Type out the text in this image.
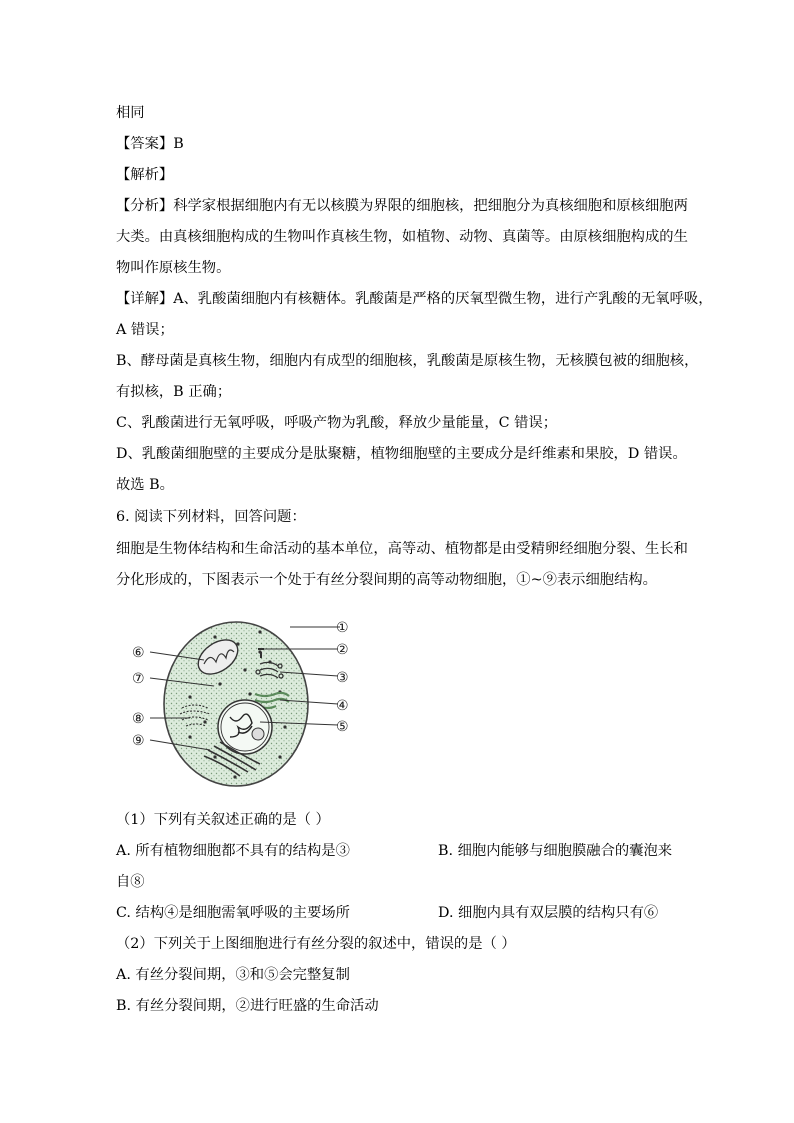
相同
【答案】B
【解析】
【分析】科学家根据细胞内有无以核膜为界限的细胞核，把细胞分为真核细胞和原核细胞两
大类。由真核细胞构成的生物叫作真核生物，如植物、动物、真菌等。由原核细胞构成的生
物叫作原核生物。
【详解】A、乳酸菌细胞内有核糖体。乳酸菌是严格的厌氧型微生物，进行产乳酸的无氧呼吸，
A 错误；
B、酵母菌是真核生物，细胞内有成型的细胞核，乳酸菌是原核生物，无核膜包被的细胞核，
有拟核，B 正确；
C、乳酸菌进行无氧呼吸，呼吸产物为乳酸，释放少量能量，C 错误；
D、乳酸菌细胞壁的主要成分是肽聚糖，植物细胞壁的主要成分是纤维素和果胶，D 错误。
故选 B。
6. 阅读下列材料，回答问题：
细胞是生物体结构和生命活动的基本单位，高等动、植物都是由受精卵经细胞分裂、生长和
分化形成的，下图表示一个处于有丝分裂间期的高等动物细胞，①~⑨表示细胞结构。
①
②
③
④
⑤
⑥
⑦
⑧
⑨
（1）下列有关叙述正确的是（ ）
A. 所有植物细胞都不具有的结构是③	B. 细胞内能够与细胞膜融合的囊泡来
自⑧
C. 结构④是细胞需氧呼吸的主要场所	D. 细胞内具有双层膜的结构只有⑥
（2）下列关于上图细胞进行有丝分裂的叙述中，错误的是（ ）
A. 有丝分裂间期，③和⑤会完整复制
B. 有丝分裂间期，②进行旺盛的生命活动
